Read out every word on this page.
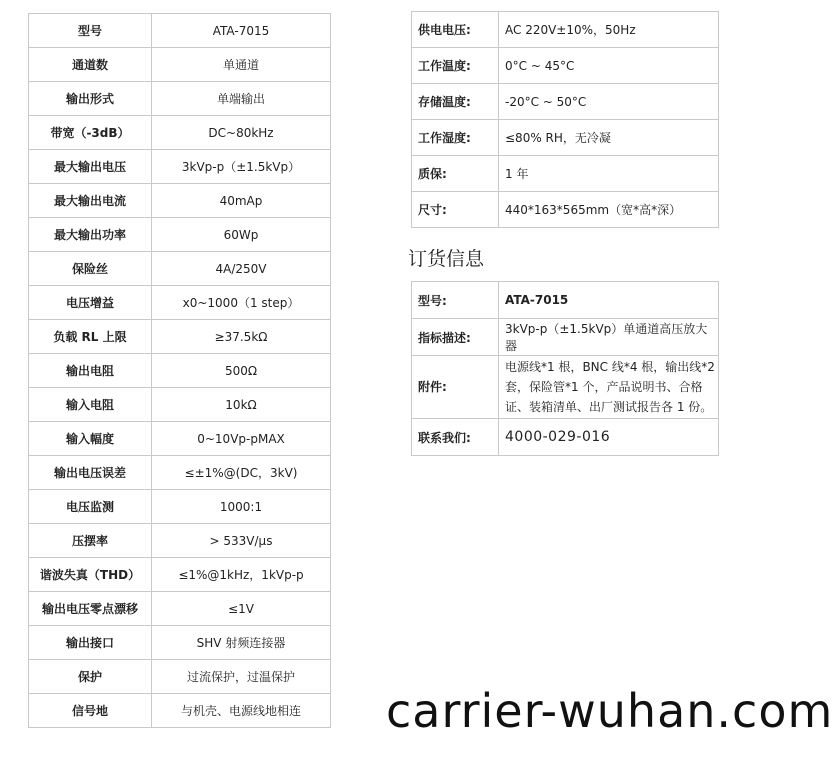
型号	ATA-7015
通道数	单通道
输出形式	单端输出
带宽（-3dB）	DC~80kHz
最大输出电压	3kVp-p（±1.5kVp）
最大输出电流	40mAp
最大输出功率	60Wp
保险丝	4A/250V
电压增益	x0~1000（1 step）
负载 RL 上限	≥37.5kΩ
输出电阻	500Ω
输入电阻	10kΩ
输入幅度	0~10Vp-pMAX
输出电压误差	≤±1%@(DC，3kV)
电压监测	1000:1
压摆率	> 533V/μs
谐波失真（THD）	≤1%@1kHz，1kVp-p
输出电压零点漂移	≤1V
输出接口	SHV 射频连接器
保护	过流保护，过温保护
信号地	与机壳、电源线地相连
供电电压:	AC 220V±10%，50Hz
工作温度:	0°C ~ 45°C
存储温度:	-20°C ~ 50°C
工作湿度:	≤80% RH，无冷凝
质保:	1 年
尺寸:	440*163*565mm（宽*高*深）
订货信息
型号:	ATA-7015
指标描述:	3kVp-p（±1.5kVp）单通道高压放大器
附件:	电源线*1 根，BNC 线*4 根，输出线*2 套，保险管*1 个，产品说明书、合格证、装箱清单、出厂测试报告各 1 份。
联系我们:	4000-029-016
carrier-wuhan.com
